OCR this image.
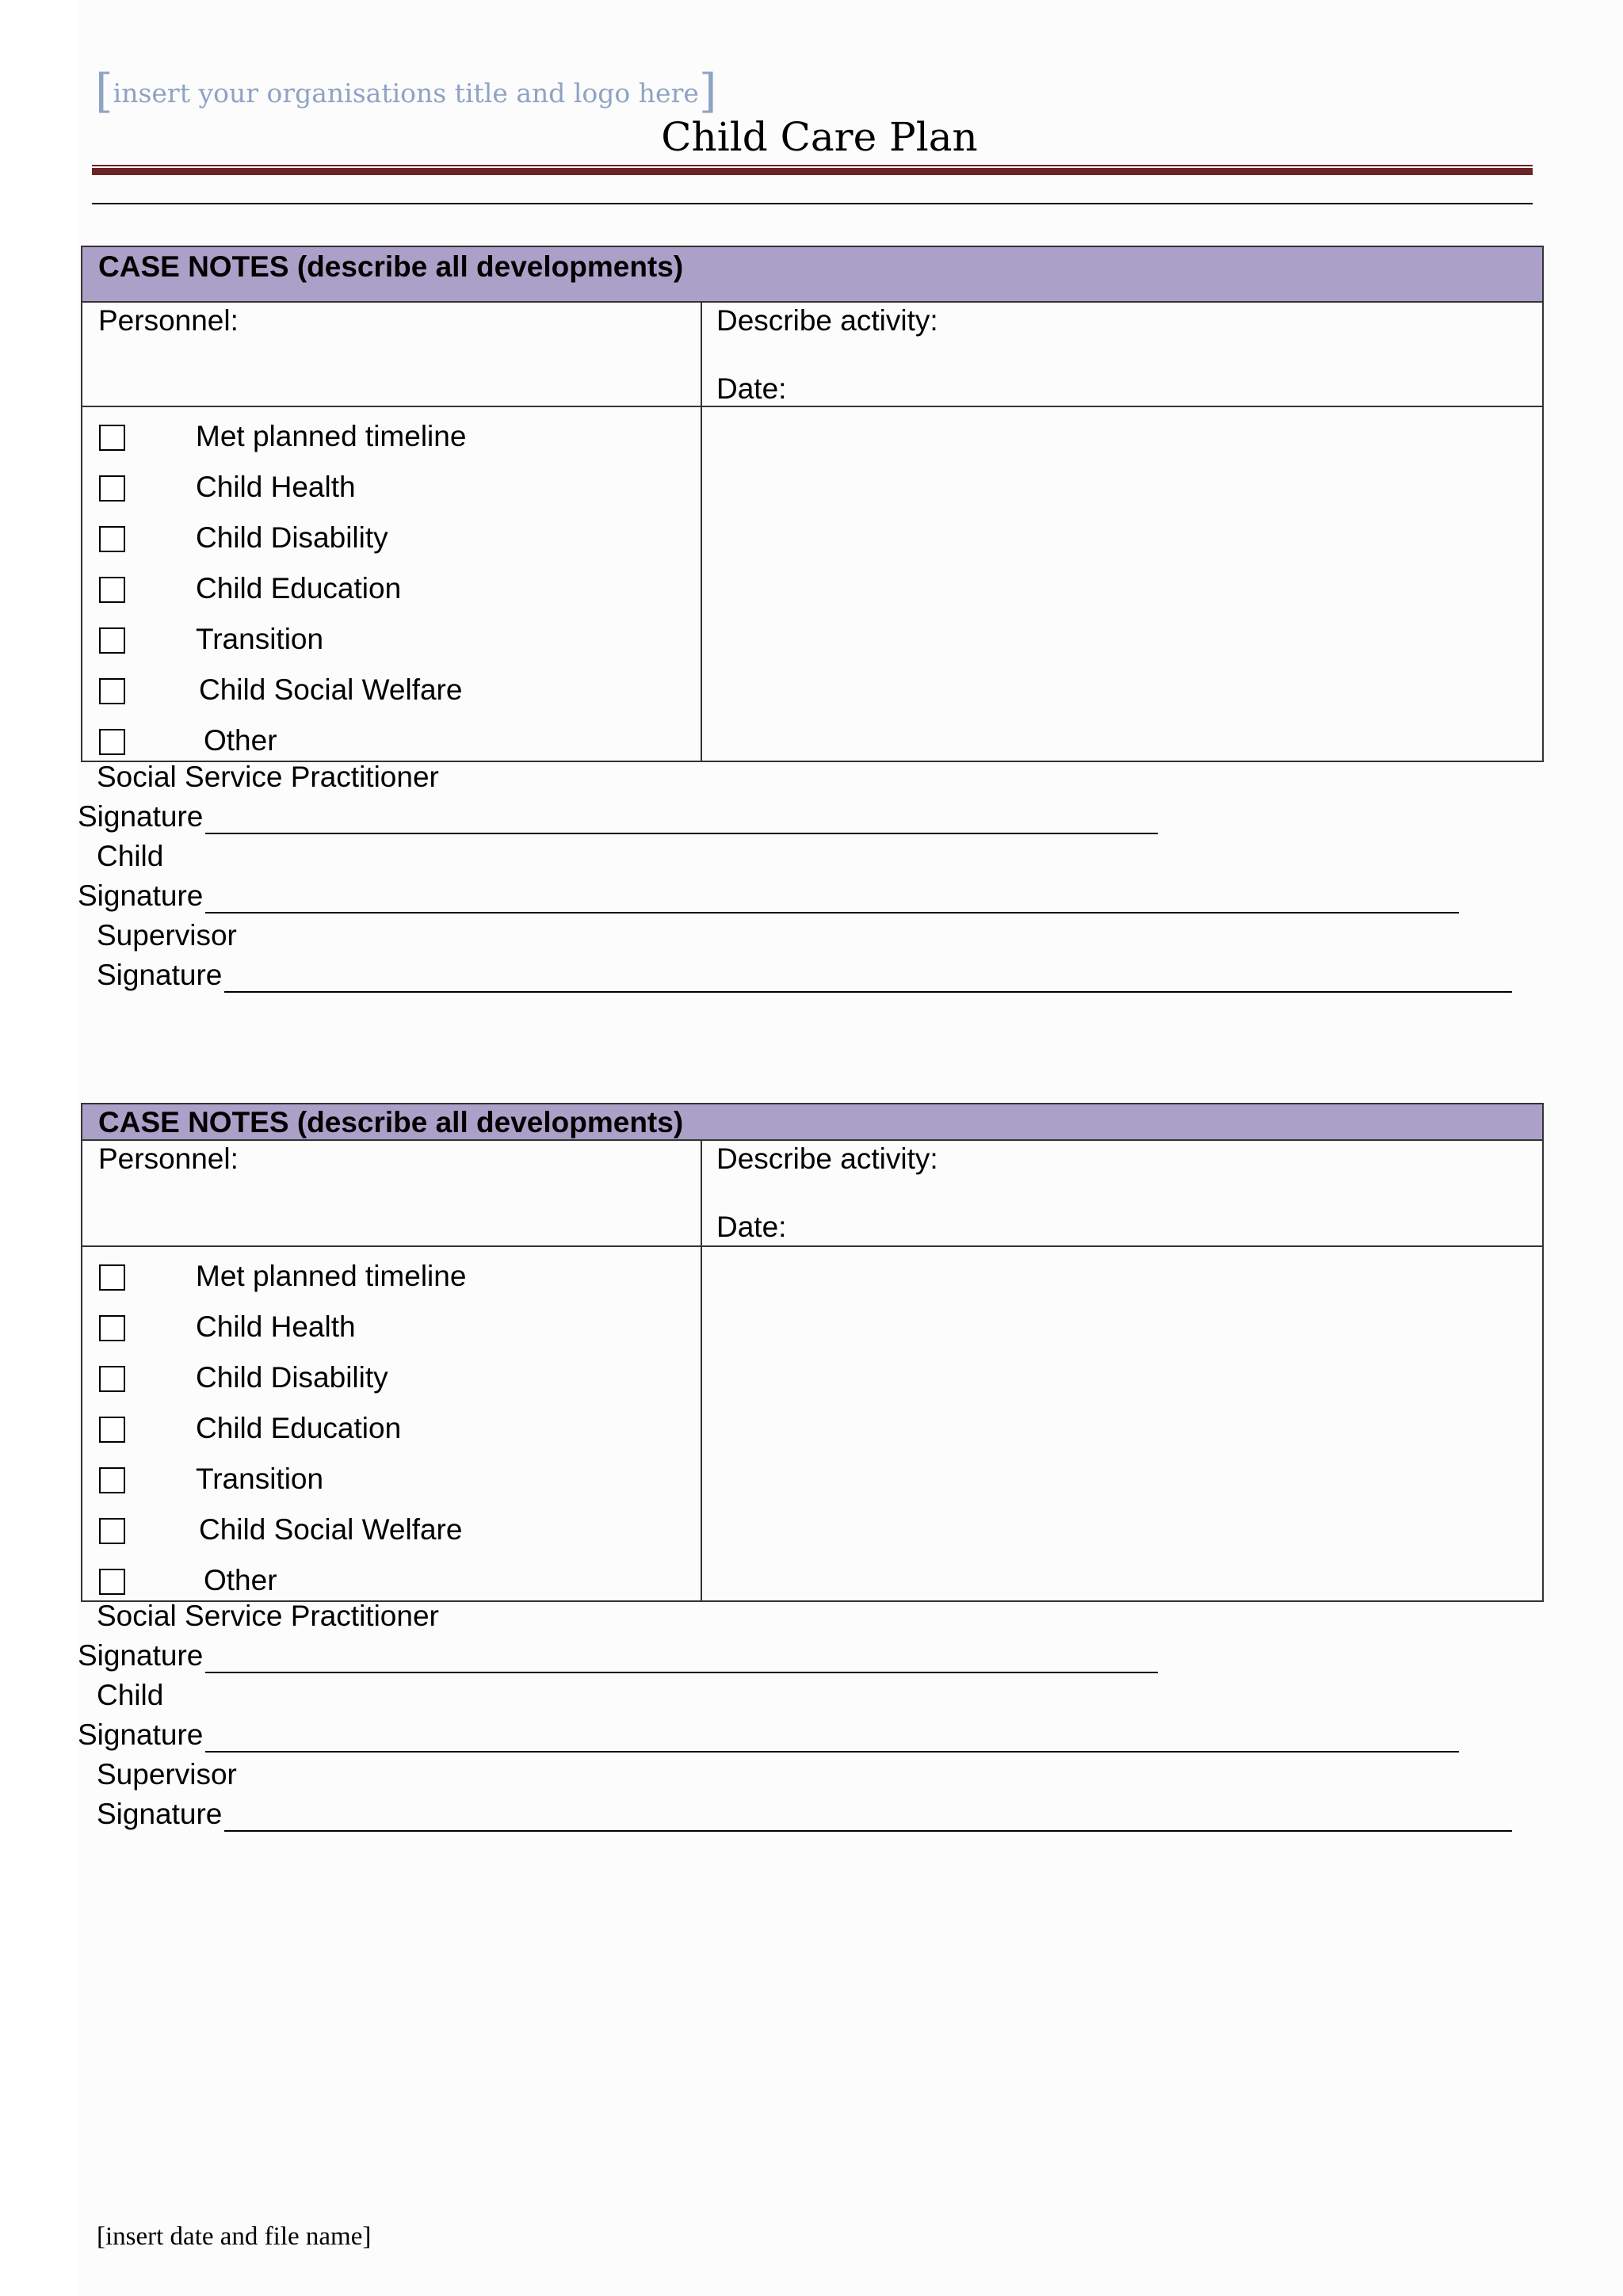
[insert your organisations title and logo here]
Child Care Plan
CASE NOTES (describe all developments)
Personnel:	Describe activity:
Date:
Met planned timeline
Child Health
Child Disability
Child Education
Transition
Child Social Welfare
Other
Social Service Practitioner
Signature
Child
Signature
Supervisor
Signature
CASE NOTES (describe all developments)
Personnel:	Describe activity:
Date:
Met planned timeline
Child Health
Child Disability
Child Education
Transition
Child Social Welfare
Other
Social Service Practitioner
Signature
Child
Signature
Supervisor
Signature
[insert date and file name]
